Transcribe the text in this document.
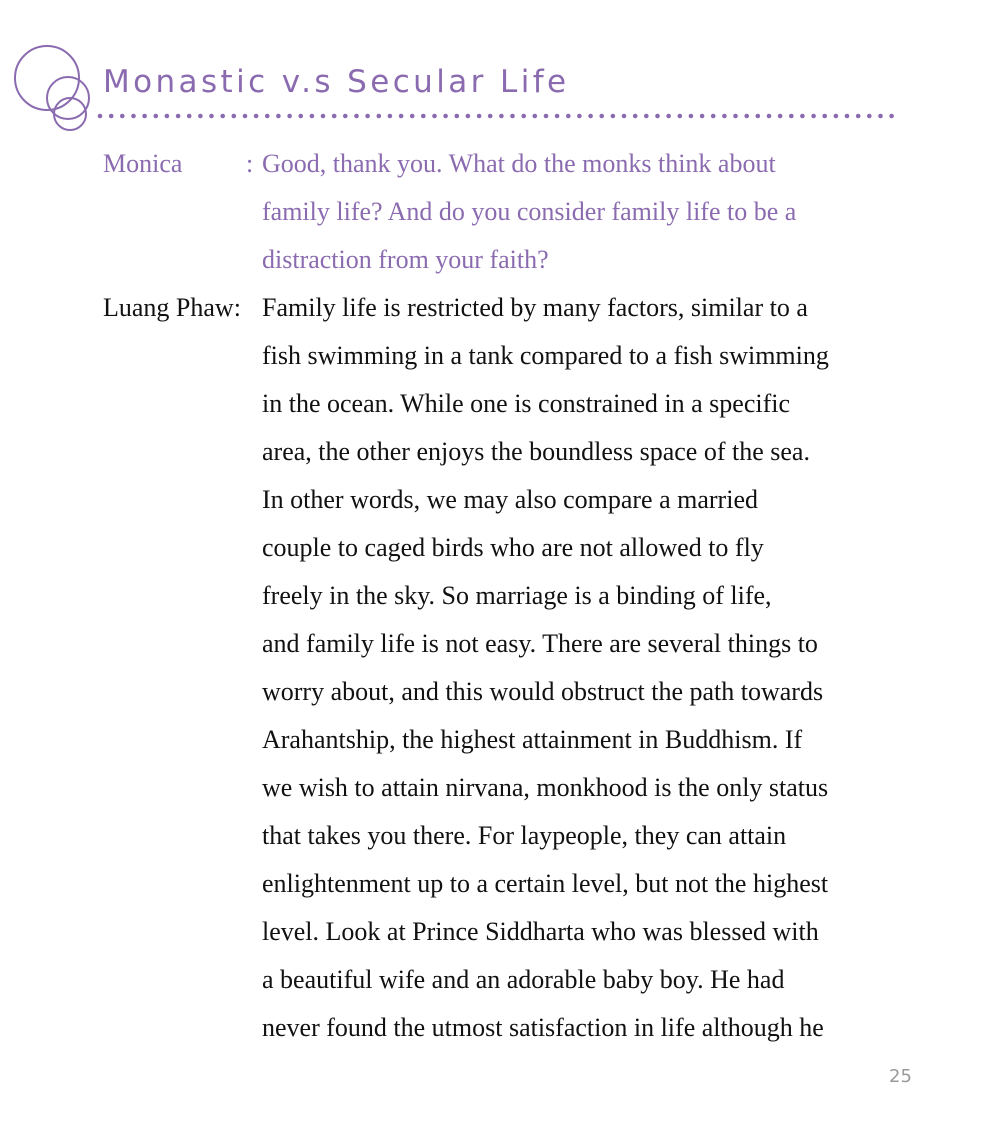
Monastic v.s Secular Life
Monica : Good, thank you. What do the monks think about
family life? And do you consider family life to be a
distraction from your faith?
Luang Phaw: Family life is restricted by many factors, similar to a
fish swimming in a tank compared to a fish swimming
in the ocean. While one is constrained in a specific
area, the other enjoys the boundless space of the sea.
In other words, we may also compare a married
couple to caged birds who are not allowed to fly
freely in the sky. So marriage is a binding of life,
and family life is not easy. There are several things to
worry about, and this would obstruct the path towards
Arahantship, the highest attainment in Buddhism. If
we wish to attain nirvana, monkhood is the only status
that takes you there. For laypeople, they can attain
enlightenment up to a certain level, but not the highest
level. Look at Prince Siddharta who was blessed with
a beautiful wife and an adorable baby boy. He had
never found the utmost satisfaction in life although he
25
